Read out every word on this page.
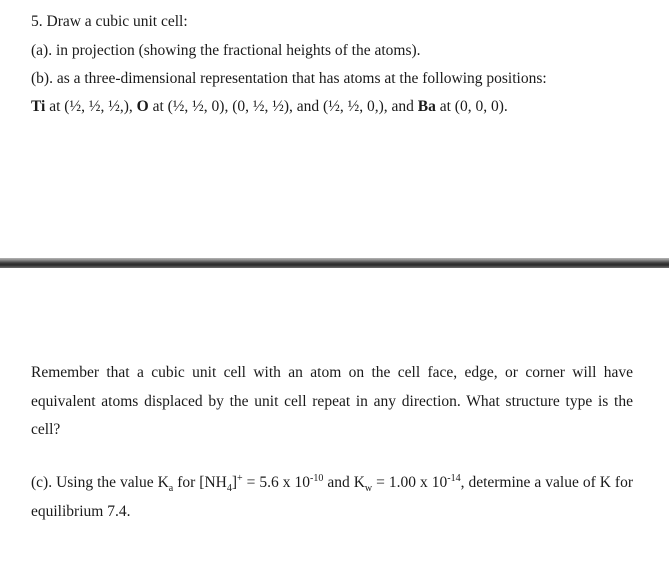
5. Draw a cubic unit cell:
(a). in projection (showing the fractional heights of the atoms).
(b). as a three-dimensional representation that has atoms at the following positions:
Ti at (½, ½, ½,), O at (½, ½, 0), (0, ½, ½), and (½, ½, 0,), and Ba at (0, 0, 0).
Remember that a cubic unit cell with an atom on the cell face, edge, or corner will have equivalent atoms displaced by the unit cell repeat in any direction. What structure type is the cell?
(c). Using the value $K_a$ for $[NH_4]^+ = 5.6$ x $10^{-10}$ and $K_w = 1.00$ x $10^{-14}$, determine a value of K for equilibrium 7.4.
